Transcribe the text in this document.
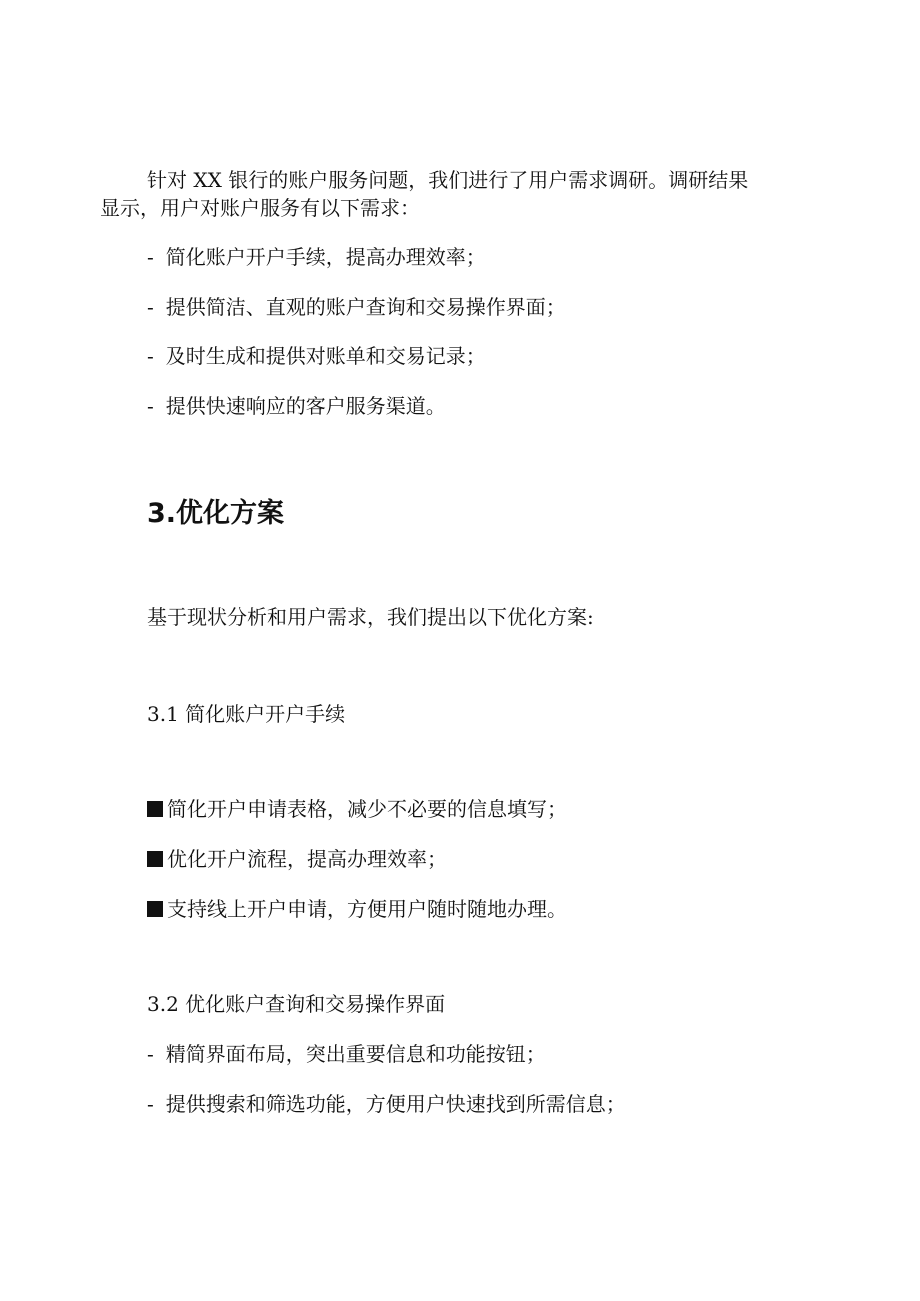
针对 XX 银行的账户服务问题，我们进行了用户需求调研。调研结果
显示，用户对账户服务有以下需求：

- 简化账户开户手续，提高办理效率；
- 提供简洁、直观的账户查询和交易操作界面；
- 及时生成和提供对账单和交易记录；
- 提供快速响应的客户服务渠道。
3.优化方案
基于现状分析和用户需求，我们提出以下优化方案:
3.1 简化账户开户手续
简化开户申请表格，减少不必要的信息填写；
优化开户流程，提高办理效率；
支持线上开户申请，方便用户随时随地办理。
3.2 优化账户查询和交易操作界面
- 精简界面布局，突出重要信息和功能按钮；
- 提供搜索和筛选功能，方便用户快速找到所需信息；
